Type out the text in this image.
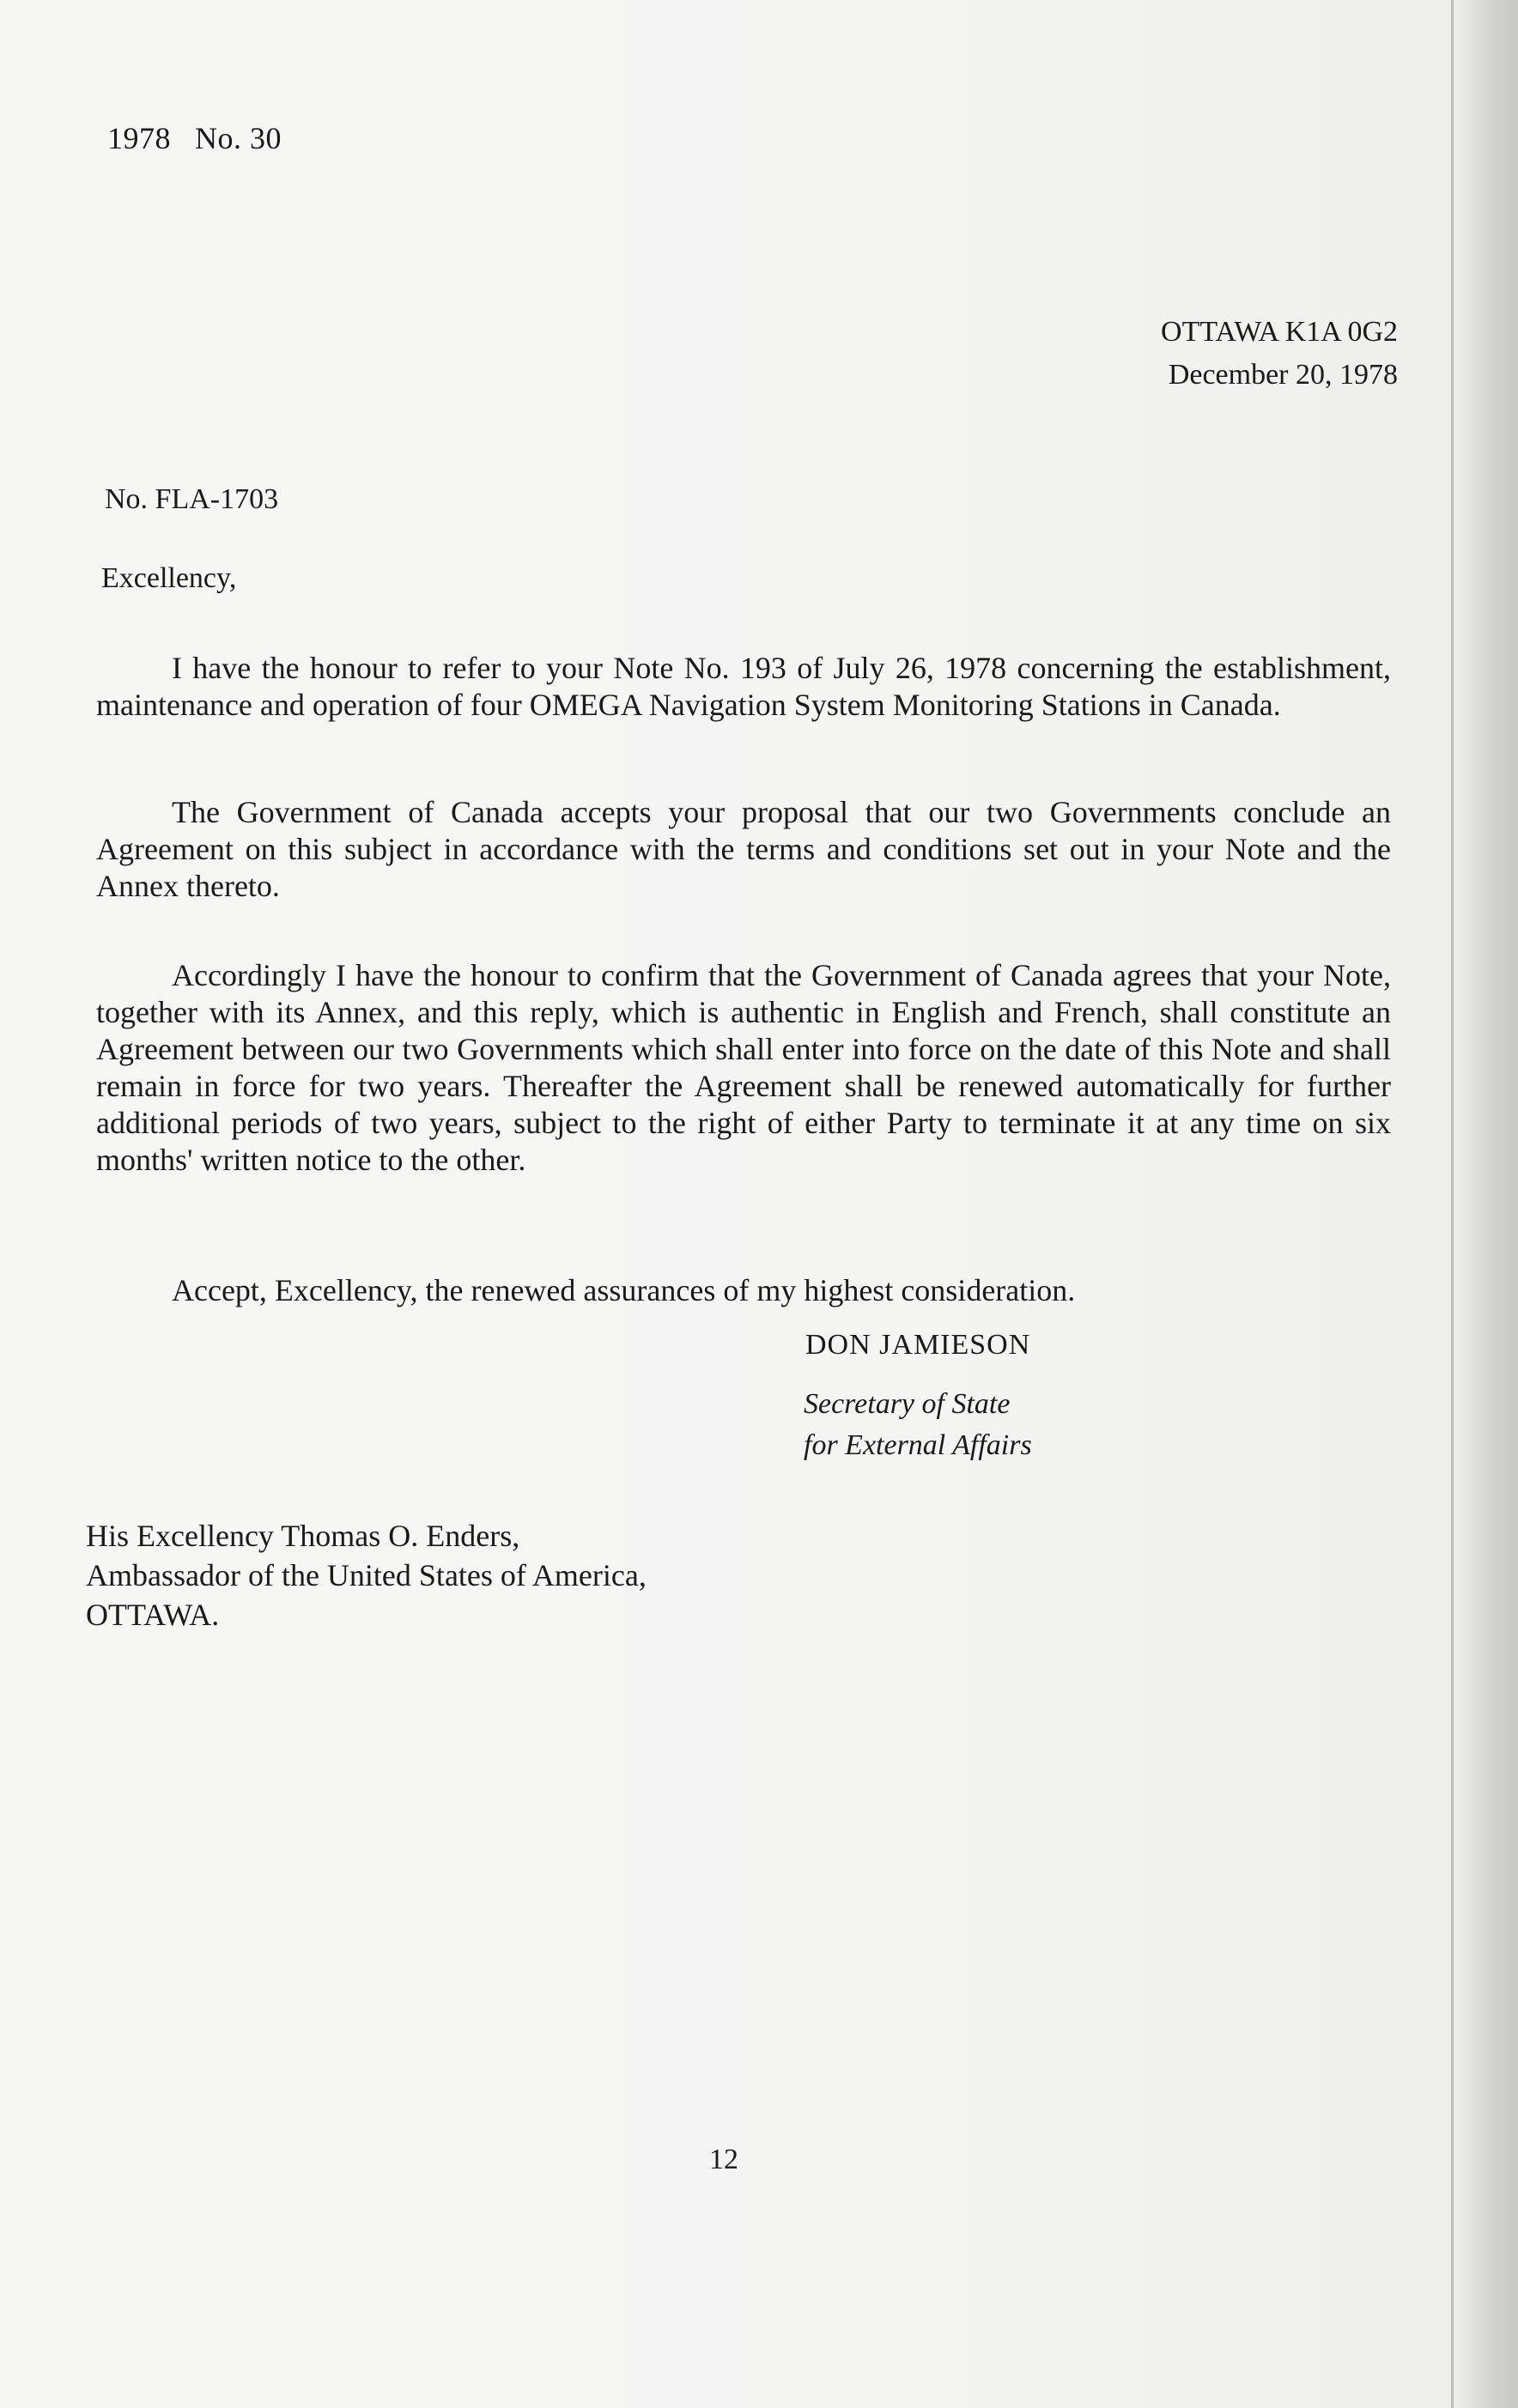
1978 No. 30
OTTAWA K1A 0G2
December 20, 1978
No. FLA-1703
Excellency,

I have the honour to refer to your Note No. 193 of July 26, 1978 concerning the establishment, maintenance and operation of four OMEGA Navigation System Monitoring Stations in Canada.

The Government of Canada accepts your proposal that our two Governments conclude an Agreement on this subject in accordance with the terms and conditions set out in your Note and the Annex thereto.

Accordingly I have the honour to confirm that the Government of Canada agrees that your Note, together with its Annex, and this reply, which is authentic in English and French, shall constitute an Agreement between our two Governments which shall enter into force on the date of this Note and shall remain in force for two years. Thereafter the Agreement shall be renewed automatically for further additional periods of two years, subject to the right of either Party to terminate it at any time on six months' written notice to the other.

Accept, Excellency, the renewed assurances of my highest consideration.

DON JAMIESON
Secretary of State
for External Affairs
His Excellency Thomas O. Enders,
Ambassador of the United States of America,
OTTAWA.
12
